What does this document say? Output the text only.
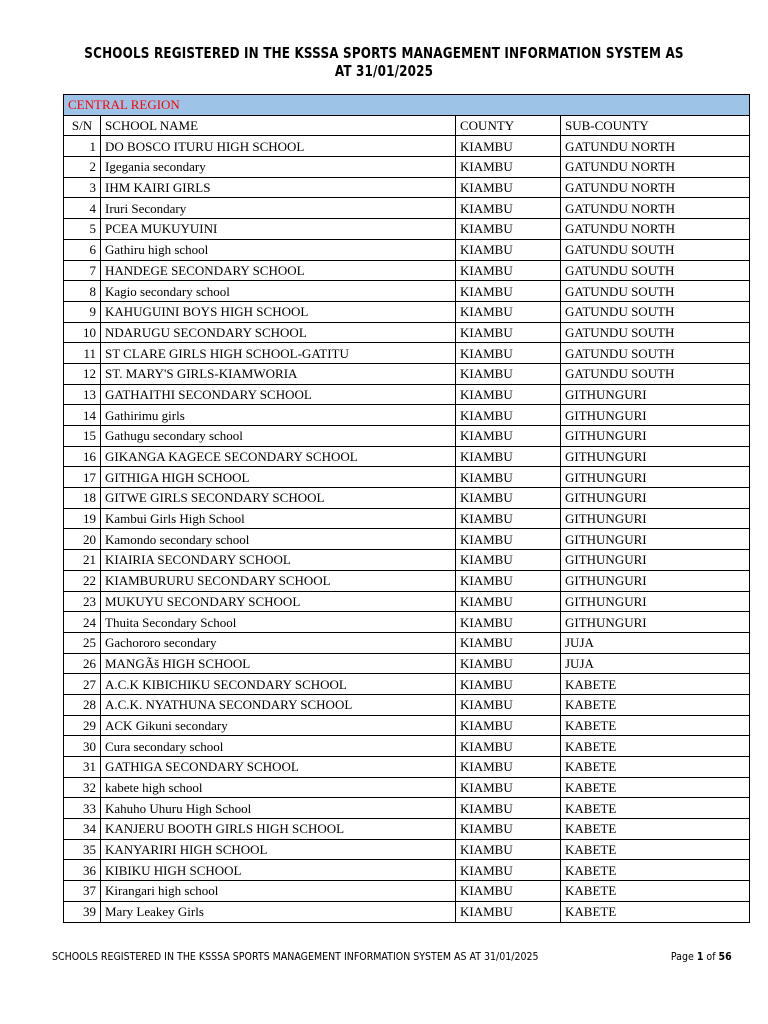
SCHOOLS REGISTERED IN THE KSSSA SPORTS MANAGEMENT INFORMATION SYSTEM AS AT 31/01/2025
CENTRAL REGION			
S/N	SCHOOL NAME	COUNTY	SUB-COUNTY
1	DO BOSCO ITURU HIGH SCHOOL	KIAMBU	GATUNDU NORTH
2	Igegania secondary	KIAMBU	GATUNDU NORTH
3	IHM KAIRI GIRLS	KIAMBU	GATUNDU NORTH
4	Iruri Secondary	KIAMBU	GATUNDU NORTH
5	PCEA MUKUYUINI	KIAMBU	GATUNDU NORTH
6	Gathiru high school	KIAMBU	GATUNDU SOUTH
7	HANDEGE SECONDARY SCHOOL	KIAMBU	GATUNDU SOUTH
8	Kagio secondary school	KIAMBU	GATUNDU SOUTH
9	KAHUGUINI BOYS HIGH SCHOOL	KIAMBU	GATUNDU SOUTH
10	NDARUGU SECONDARY SCHOOL	KIAMBU	GATUNDU SOUTH
11	ST CLARE GIRLS HIGH SCHOOL-GATITU	KIAMBU	GATUNDU SOUTH
12	ST. MARY'S GIRLS-KIAMWORIA	KIAMBU	GATUNDU SOUTH
13	GATHAITHI SECONDARY SCHOOL	KIAMBU	GITHUNGURI
14	Gathirimu girls	KIAMBU	GITHUNGURI
15	Gathugu secondary school	KIAMBU	GITHUNGURI
16	GIKANGA KAGECE SECONDARY SCHOOL	KIAMBU	GITHUNGURI
17	GITHIGA HIGH SCHOOL	KIAMBU	GITHUNGURI
18	GITWE GIRLS SECONDARY SCHOOL	KIAMBU	GITHUNGURI
19	Kambui Girls High School	KIAMBU	GITHUNGURI
20	Kamondo secondary school	KIAMBU	GITHUNGURI
21	KIAIRIA SECONDARY SCHOOL	KIAMBU	GITHUNGURI
22	KIAMBURURU SECONDARY SCHOOL	KIAMBU	GITHUNGURI
23	MUKUYU SECONDARY SCHOOL	KIAMBU	GITHUNGURI
24	Thuita Secondary School	KIAMBU	GITHUNGURI
25	Gachororo secondary	KIAMBU	JUJA
26	MANGÃš HIGH SCHOOL	KIAMBU	JUJA
27	A.C.K KIBICHIKU SECONDARY SCHOOL	KIAMBU	KABETE
28	A.C.K. NYATHUNA SECONDARY SCHOOL	KIAMBU	KABETE
29	ACK Gikuni secondary	KIAMBU	KABETE
30	Cura secondary school	KIAMBU	KABETE
31	GATHIGA SECONDARY SCHOOL	KIAMBU	KABETE
32	kabete high school	KIAMBU	KABETE
33	Kahuho Uhuru High School	KIAMBU	KABETE
34	KANJERU BOOTH GIRLS HIGH SCHOOL	KIAMBU	KABETE
35	KANYARIRI HIGH SCHOOL	KIAMBU	KABETE
36	KIBIKU HIGH SCHOOL	KIAMBU	KABETE
37	Kirangari high school	KIAMBU	KABETE
39	Mary Leakey Girls	KIAMBU	KABETE
SCHOOLS REGISTERED IN THE KSSSA SPORTS MANAGEMENT INFORMATION SYSTEM AS AT 31/01/2025	Page 1 of 56
